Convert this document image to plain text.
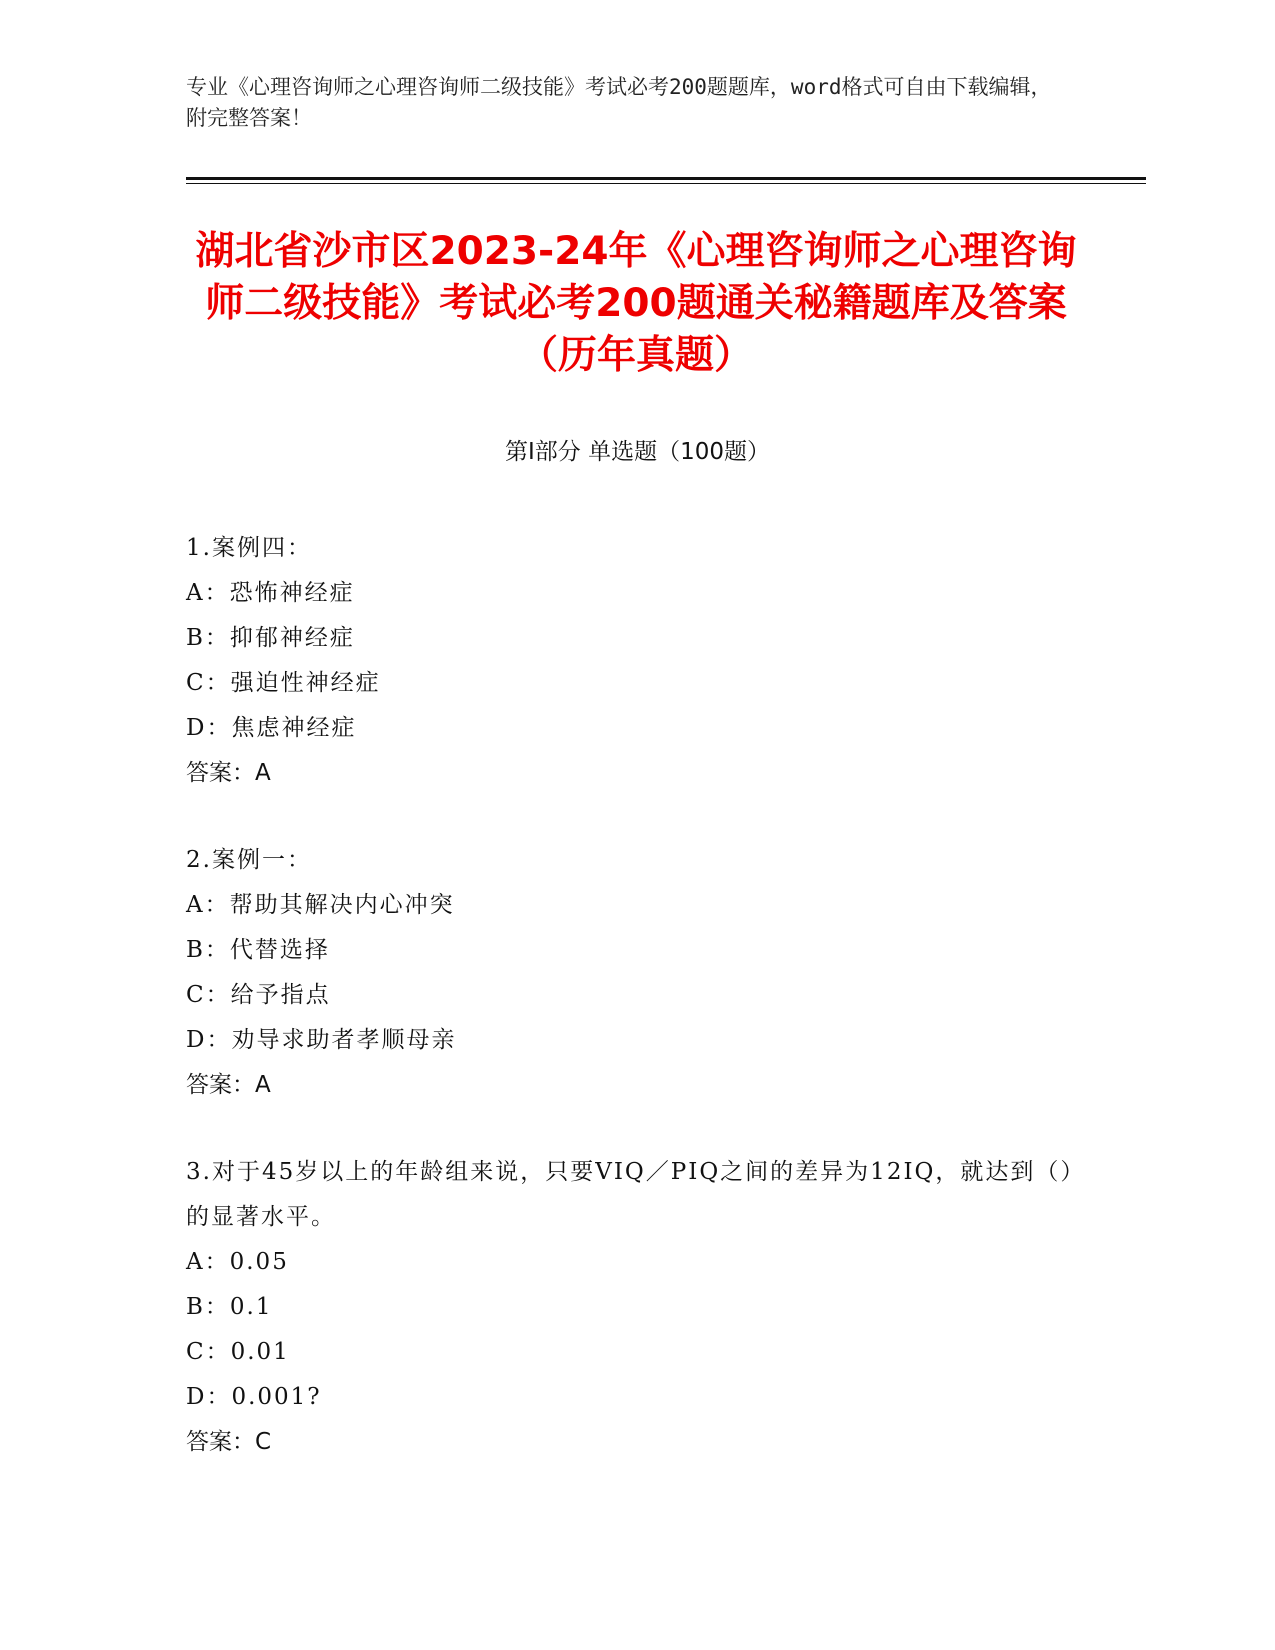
专业《心理咨询师之心理咨询师二级技能》考试必考200题题库，word格式可自由下载编辑，附完整答案！
湖北省沙市区2023-24年《心理咨询师之心理咨询师二级技能》考试必考200题通关秘籍题库及答案（历年真题）
第Ⅰ部分 单选题（100题）
1.案例四：
A：恐怖神经症
B：抑郁神经症
C：强迫性神经症
D：焦虑神经症
答案：A
2.案例一：
A：帮助其解决内心冲突
B：代替选择
C：给予指点
D：劝导求助者孝顺母亲
答案：A
3.对于45岁以上的年龄组来说，只要VIQ／PIQ之间的差异为12IQ，就达到（）的显著水平。
A：0.05
B：0.1
C：0.01
D：0.001?
答案：C
